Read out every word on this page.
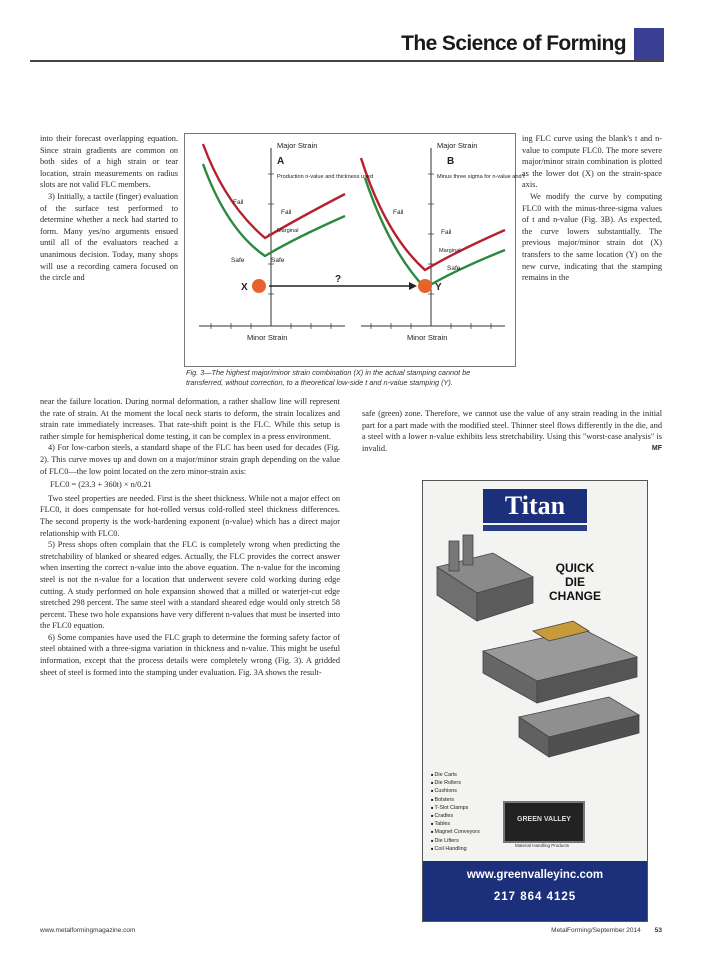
The Science of Forming

into their forecast overlapping equation. Since strain gradients are common on both sides of a high strain or tear location, strain measurements on radius slots are not valid FLC members.

3) Initially, a tactile (finger) evaluation of the surface test performed to determine whether a neck had started to form. Many yes/no arguments ensued until all of the evaluators reached a unanimous decision. Today, many shops will use a recording camera focused on the circle and

ing FLC curve using the blank's t and n-value to compute FLC0. The more severe major/minor strain combination is plotted as the lower dot (X) on the strain-space axis.

We modify the curve by computing FLC0 with the minus-three-sigma values of t and n-value (Fig. 3B). As expected, the curve lowers substantially. The previous major/minor strain dot (X) transfers to the same location (Y) on the new curve, indicating that the stamping remains in the

Major Strain
A
Production n-value and thickness used
Fail
Fail
Marginal
Safe	Safe
X
?
Major Strain
B
Minus three sigma for n-value and t
Fail
Fail
Marginal
Safe
Y
Minor Strain	Minor Strain
Fig. 3—The highest major/minor strain combination (X) in the actual stamping cannot be transferred, without correction, to a theoretical low-side t and n-value stamping (Y).

near the failure location. During normal deformation, a rather shallow line will represent the rate of strain. At the moment the local neck starts to deform, the strain localizes and strain rate immediately increases. That rate-shift point is the FLC. While this setup is rather simple for hemispherical dome testing, it can be complex in a press environment.

4) For low-carbon steels, a standard shape of the FLC has been used for decades (Fig. 2). This curve moves up and down on a major/minor strain graph depending on the value of FLC0—the low point located on the zero minor-strain axis:

FLC0 = (23.3 + 360t) × n/0.21

Two steel properties are needed. First is the sheet thickness. While not a major effect on FLC0, it does compensate for hot-rolled versus cold-rolled steel thickness differences. The second property is the work-hardening exponent (n-value) which has a direct major relationship with FLC0.

5) Press shops often complain that the FLC is completely wrong when predicting the stretchability of blanked or sheared edges. Actually, the FLC provides the correct answer when inserting the correct n-value into the above equation. The n-value for the incoming steel is not the n-value for a location that underwent severe cold working during edge cutting. A study performed on hole expansion showed that a milled or waterjet-cut edge stretched 298 percent. The same steel with a standard sheared edge would only stretch 58 percent. These two hole expansions have very different n-values that must be inserted into the FLC0 equation.

6) Some companies have used the FLC graph to determine the forming safety factor of steel obtained with a three-sigma variation in thickness and n-value. This might be useful information, except that the process details were completely wrong (Fig. 3). A gridded sheet of steel is formed into the stamping under evaluation. Fig. 3A shows the result-

safe (green) zone. Therefore, we cannot use the value of any strain reading in the initial part for a part made with the modified steel. Thinner steel flows differently in the die, and a steel with a lower n-value exhibits less stretchability. Using this "worst-case analysis" is invalid.	MF

Titan
QUICK
DIE
CHANGE
■ Die Carts
■ Die Rollers
■ Cushions
■ Bolsters
■ T-Slot Clamps
■ Cradles
■ Tables
■ Magnet Conveyors
■ Die Lifters
■ Coil Handling
GREEN VALLEY
Material Handling Products
www.greenvalleyinc.com
217 864 4125
www.metalformingmagazine.com	MetalForming/September 2014 53
